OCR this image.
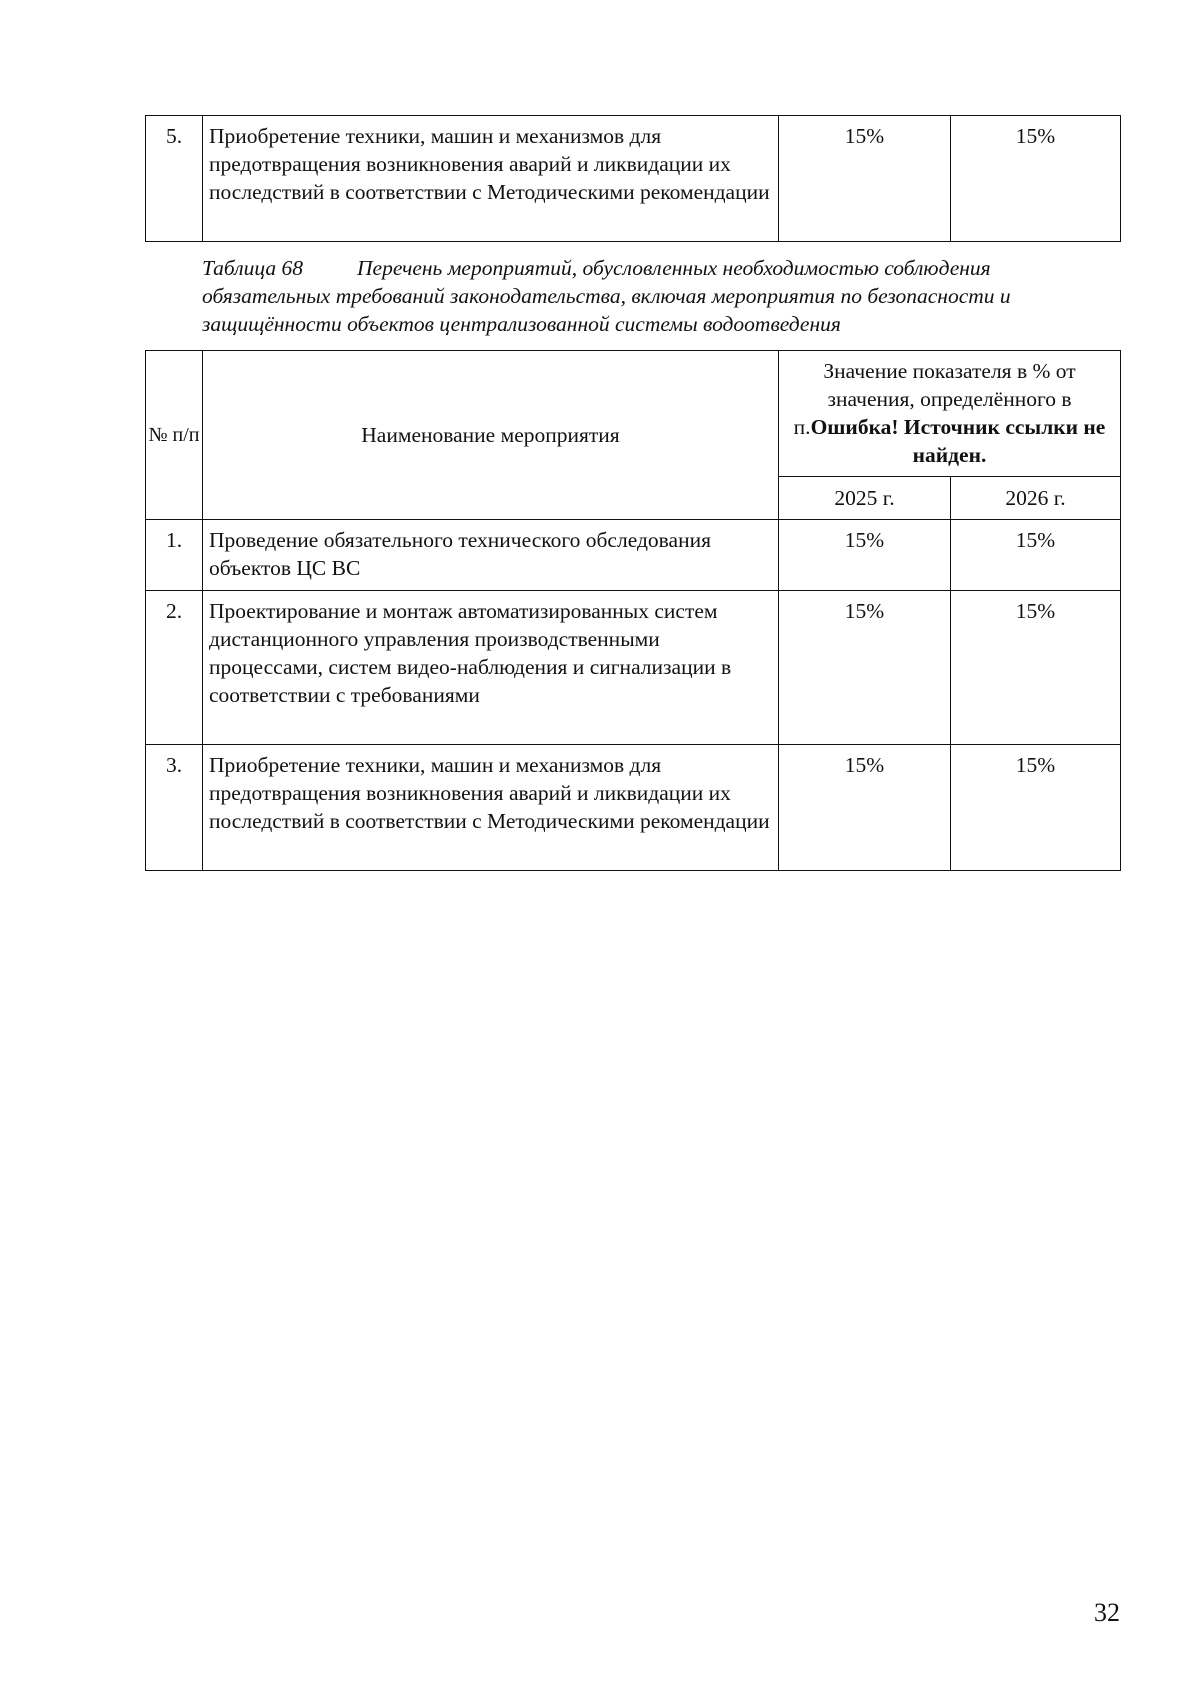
5.	Приобретение техники, машин и механизмов для предотвращения возникновения аварий и ликвидации их последствий в соответствии с Методическими рекомендации	15%	15%
Таблица 68	Перечень мероприятий, обусловленных необходимостью соблюдения обязательных требований законодательства, включая мероприятия по безопасности и защищённости объектов централизованной системы водоотведения
№ п/п	Наименование мероприятия	Значение показателя в % от значения, определённого в п.Ошибка! Источник ссылки не найден.	
		2025 г.	2026 г.
1.	Проведение обязательного технического обследования объектов ЦС ВС	15%	15%
2.	Проектирование и монтаж автоматизированных систем дистанционного управления производственными процессами, систем видео-наблюдения и сигнализации в соответствии с требованиями	15%	15%
3.	Приобретение техники, машин и механизмов для предотвращения возникновения аварий и ликвидации их последствий в соответствии с Методическими рекомендации	15%	15%
32
